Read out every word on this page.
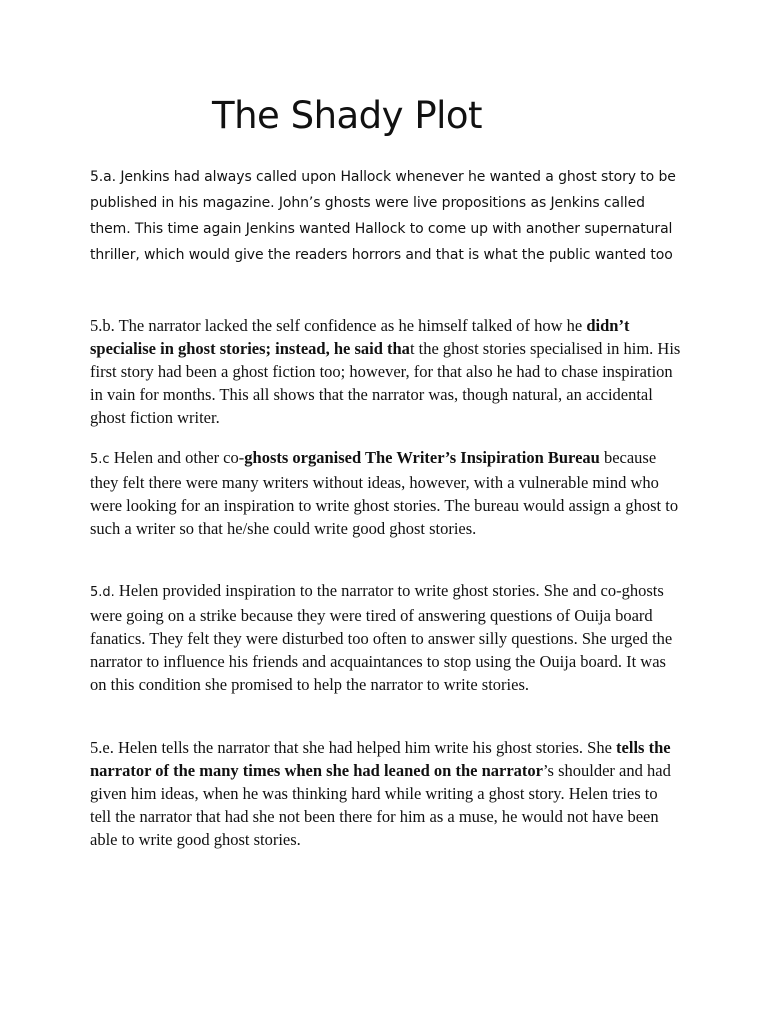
The Shady Plot

5.a. Jenkins had always called upon Hallock whenever he wanted a ghost story to be published in his magazine. John’s ghosts were live propositions as Jenkins called them. This time again Jenkins wanted Hallock to come up with another supernatural thriller, which would give the readers horrors and that is what the public wanted too

5.b. The narrator lacked the self confidence as he himself talked of how he didn’t specialise in ghost stories; instead, he said that the ghost stories specialised in him. His first story had been a ghost fiction too; however, for that also he had to chase inspiration in vain for months. This all shows that the narrator was, though natural, an accidental ghost fiction writer.

5.c Helen and other co-ghosts organised The Writer’s Insipiration Bureau because they felt there were many writers without ideas, however, with a vulnerable mind who were looking for an inspiration to write ghost stories. The bureau would assign a ghost to such a writer so that he/she could write good ghost stories.

5.d. Helen provided inspiration to the narrator to write ghost stories. She and co-ghosts were going on a strike because they were tired of answering questions of Ouija board fanatics. They felt they were disturbed too often to answer silly questions. She urged the narrator to influence his friends and acquaintances to stop using the Ouija board. It was on this condition she promised to help the narrator to write stories.

5.e. Helen tells the narrator that she had helped him write his ghost stories. She tells the narrator of the many times when she had leaned on the narrator’s shoulder and had given him ideas, when he was thinking hard while writing a ghost story. Helen tries to tell the narrator that had she not been there for him as a muse, he would not have been able to write good ghost stories.
